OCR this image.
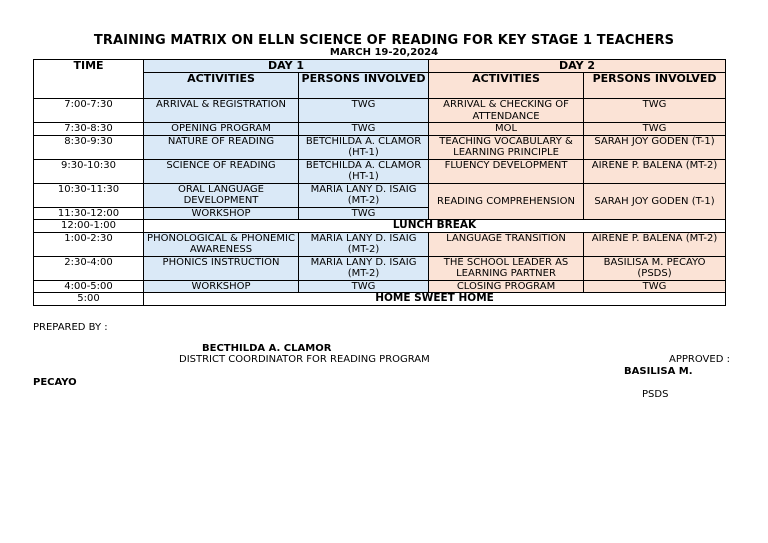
TRAINING MATRIX ON ELLN SCIENCE OF READING FOR KEY STAGE 1 TEACHERS
MARCH 19-20,2024
TIME	DAY 1		DAY 2	
	ACTIVITIES	PERSONS INVOLVED	ACTIVITIES	PERSONS INVOLVED
7:00-7:30	ARRIVAL & REGISTRATION	TWG	ARRIVAL & CHECKING OF ATTENDANCE	TWG
7:30-8:30	OPENING PROGRAM	TWG	MOL	TWG
8:30-9:30	NATURE OF READING	BETCHILDA A. CLAMOR (HT-1)	TEACHING VOCABULARY & LEARNING PRINCIPLE	SARAH JOY GODEN (T-1)
9:30-10:30	SCIENCE OF READING	BETCHILDA A. CLAMOR (HT-1)	FLUENCY DEVELOPMENT	AIRENE P. BALENA (MT-2)
10:30-11:30	ORAL LANGUAGE DEVELOPMENT	MARIA LANY D. ISAIG (MT-2)	READING COMPREHENSION	SARAH JOY GODEN (T-1)
11:30-12:00	WORKSHOP	TWG		
12:00-1:00	LUNCH BREAK			
1:00-2:30	PHONOLOGICAL & PHONEMIC AWARENESS	MARIA LANY D. ISAIG (MT-2)	LANGUAGE TRANSITION	AIRENE P. BALENA (MT-2)
2:30-4:00	PHONICS INSTRUCTION	MARIA LANY D. ISAIG (MT-2)	THE SCHOOL LEADER AS LEARNING PARTNER	BASILISA M. PECAYO (PSDS)
4:00-5:00	WORKSHOP	TWG	CLOSING PROGRAM	TWG
5:00	HOME SWEET HOME			
PREPARED BY :
BECTHILDA A. CLAMOR
DISTRICT COORDINATOR FOR READING PROGRAM	APPROVED :
BASILISA M.
PECAYO
PSDS
